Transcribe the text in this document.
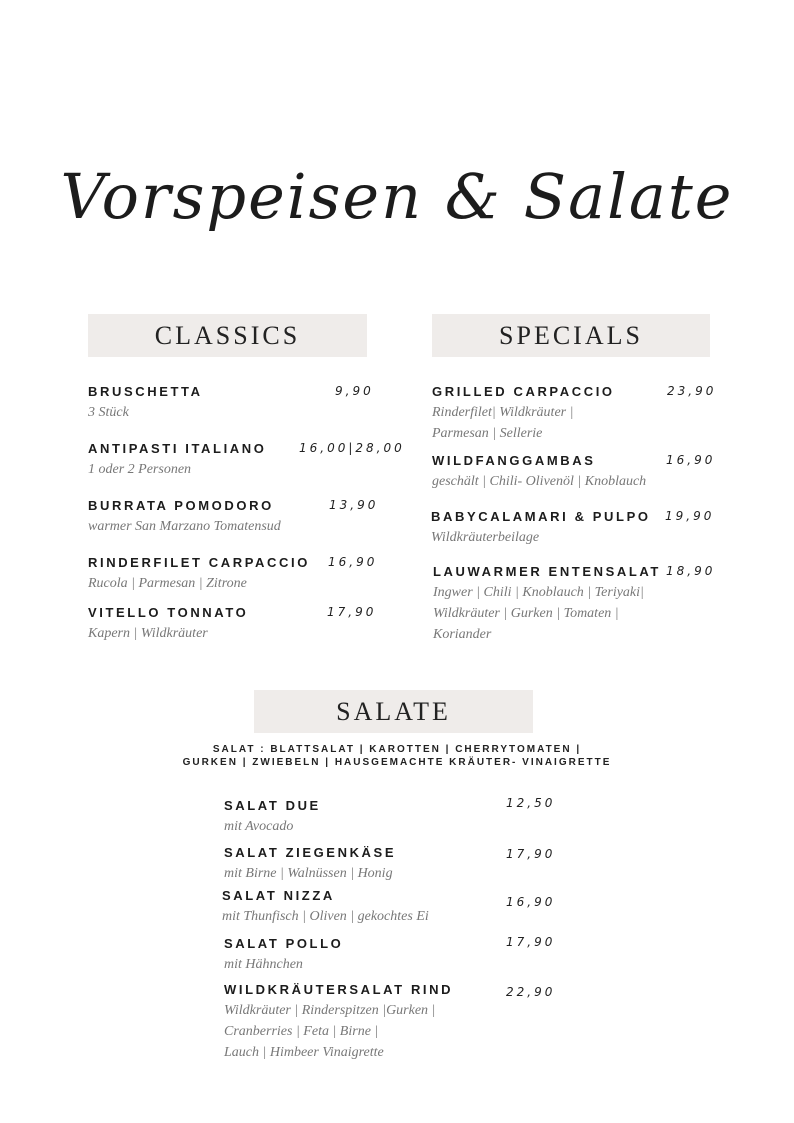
Vorspeisen & Salate
CLASSICS
BRUSCHETTA	9,90
3 Stück
ANTIPASTI ITALIANO	16,00|28,00
1 oder 2 Personen
BURRATA POMODORO	13,90
warmer San Marzano Tomatensud
RINDERFILET CARPACCIO 16,90
Rucola | Parmesan | Zitrone
VITELLO TONNATO	17,90
Kapern | Wildkräuter
SPECIALS
GRILLED CARPACCIO	23,90
Rinderfilet| Wildkräuter |
Parmesan | Sellerie
WILDFANGGAMBAS	16,90
geschält | Chili- Olivenöl | Knoblauch
BABYCALAMARI & PULPO 19,90
Wildkräuterbeilage
LAUWARMER ENTENSALAT 18,90
Ingwer | Chili | Knoblauch | Teriyaki|
Wildkräuter | Gurken | Tomaten |
Koriander
SALATE
SALAT : BLATTSALAT | KAROTTEN | CHERRYTOMATEN |
GURKEN | ZWIEBELN | HAUSGEMACHTE KRÄUTER- VINAIGRETTE
SALAT DUE	12,50
mit Avocado
SALAT ZIEGENKÄSE	17,90
mit Birne | Walnüssen | Honig
SALAT NIZZA	16,90
mit Thunfisch | Oliven | gekochtes Ei
SALAT POLLO	17,90
mit Hähnchen
WILDKRÄUTERSALAT RIND	22,90
Wildkräuter | Rinderspitzen |Gurken |
Cranberries | Feta | Birne |
Lauch | Himbeer Vinaigrette
